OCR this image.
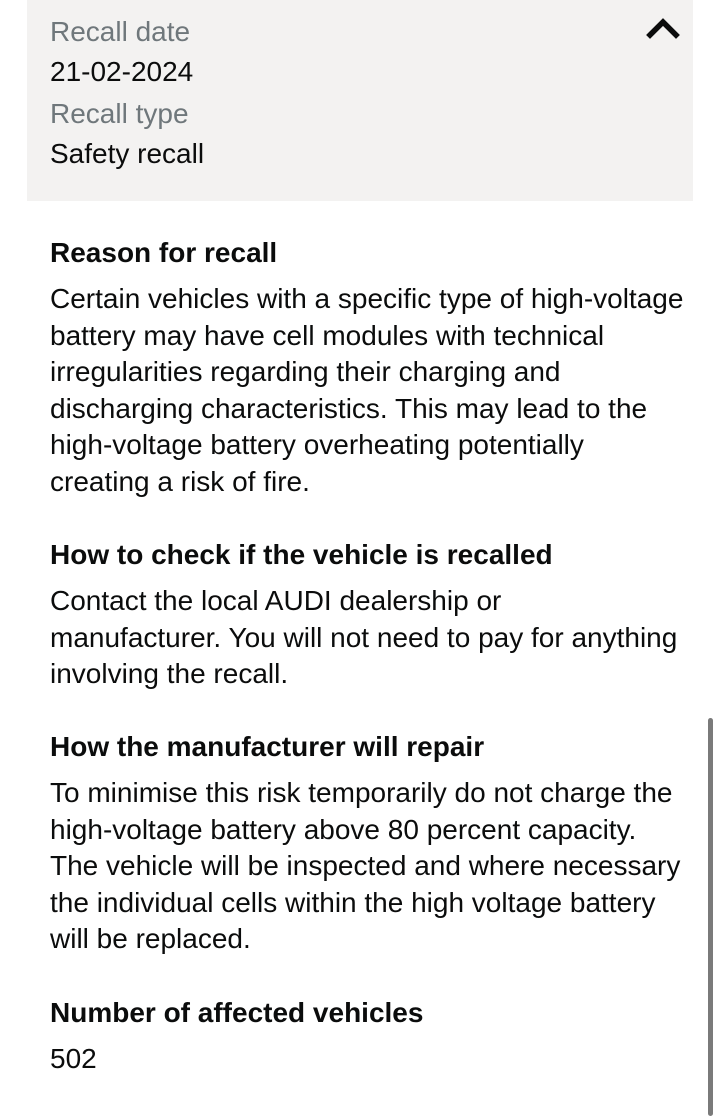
Recall date
21-02-2024
Recall type
Safety recall
Reason for recall

Certain vehicles with a specific type of high-voltage
battery may have cell modules with technical
irregularities regarding their charging and
discharging characteristics. This may lead to the
high-voltage battery overheating potentially
creating a risk of fire.

How to check if the vehicle is recalled

Contact the local AUDI dealership or
manufacturer. You will not need to pay for anything
involving the recall.

How the manufacturer will repair

To minimise this risk temporarily do not charge the
high-voltage battery above 80 percent capacity.
The vehicle will be inspected and where necessary
the individual cells within the high voltage battery
will be replaced.

Number of affected vehicles
502
